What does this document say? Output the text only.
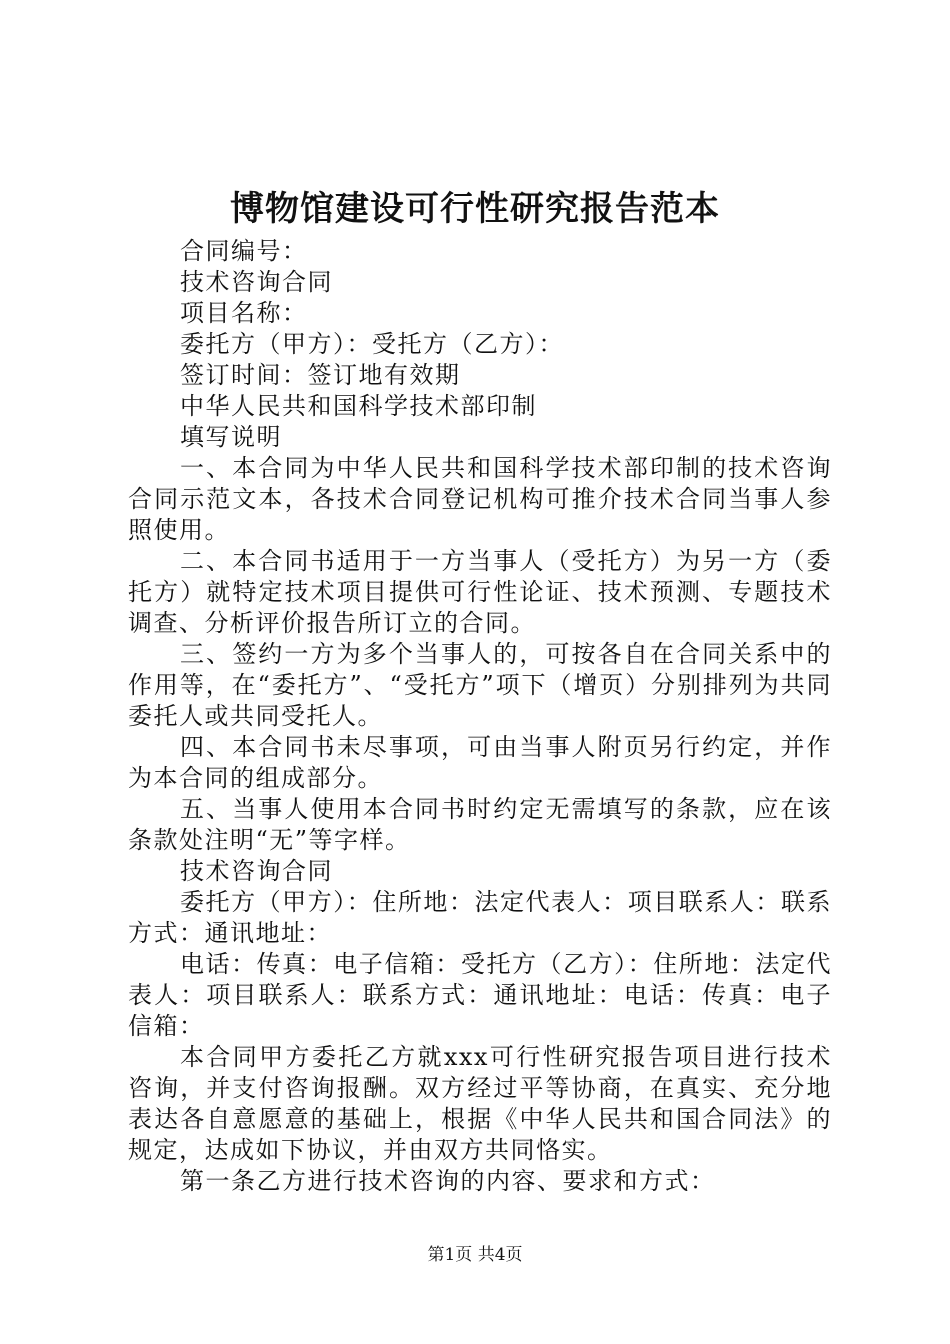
博物馆建设可行性研究报告范本

合同编号：

技术咨询合同

项目名称：

委托方（甲方）：受托方（乙方）：

签订时间：签订地有效期

中华人民共和国科学技术部印制

填写说明

一、本合同为中华人民共和国科学技术部印制的技术咨询合同示范文本，各技术合同登记机构可推介技术合同当事人参照使用。

二、本合同书适用于一方当事人（受托方）为另一方（委托方）就特定技术项目提供可行性论证、技术预测、专题技术调查、分析评价报告所订立的合同。

三、签约一方为多个当事人的，可按各自在合同关系中的作用等，在“委托方”、“受托方”项下（增页）分别排列为共同委托人或共同受托人。

四、本合同书未尽事项，可由当事人附页另行约定，并作为本合同的组成部分。

五、当事人使用本合同书时约定无需填写的条款，应在该条款处注明“无”等字样。

技术咨询合同

委托方（甲方）：住所地：法定代表人：项目联系人：联系方式：通讯地址：

电话：传真：电子信箱：受托方（乙方）：住所地：法定代表人：项目联系人：联系方式：通讯地址：电话：传真：电子信箱：

本合同甲方委托乙方就xxx可行性研究报告项目进行技术咨询，并支付咨询报酬。双方经过平等协商，在真实、充分地表达各自意愿意的基础上，根据《中华人民共和国合同法》的规定，达成如下协议，并由双方共同恪实。

第一条乙方进行技术咨询的内容、要求和方式：

第1页 共4页
